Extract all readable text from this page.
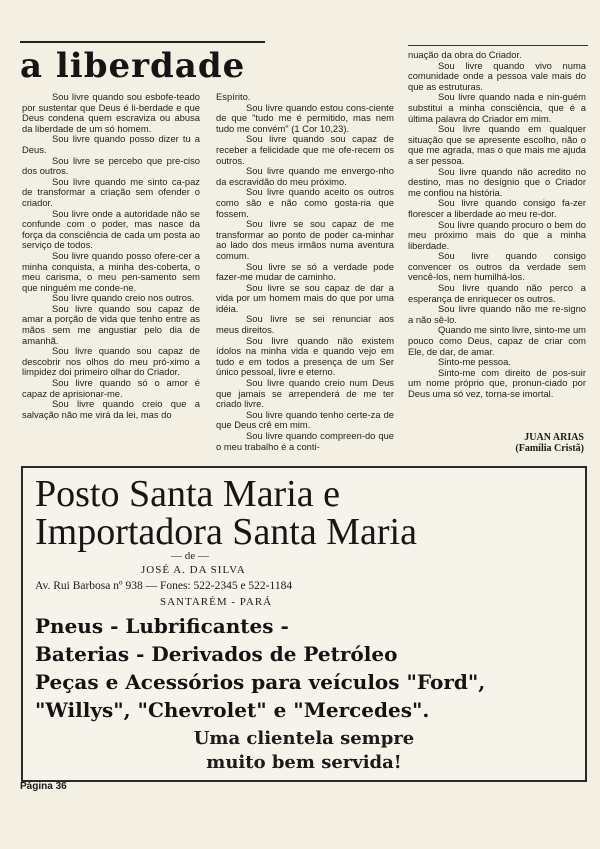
a liberdade

Sou livre quando sou esbofe-teado por sustentar que Deus é li-berdade e que Deus condena quem escraviza ou abusa da liberdade de um só homem.

Sou livre quando posso dizer tu a Deus.

Sou livre se percebo que pre-ciso dos outros.

Sou livre quando me sinto ca-paz de transformar a criação sem ofender o criador.

Sou livre onde a autoridade não se confunde com o poder, mas nasce da força da consciência de cada um posta ao serviço de todos.

Sou livre quando posso ofere-cer a minha conquista, a minha des-coberta, o meu carisma, o meu pen-samento sem que ninguém me conde-ne.

Sou livre quando creio nos outros.

Sou livre quando sou capaz de amar a porção de vida que tenho entre as mãos sem me angustiar pelo dia de amanhã.

Sou livre quando sou capaz de descobrir nos olhos do meu pró-ximo a limpidez doi primeiro olhar do Criador.

Sou livre quando só o amor é capaz de aprisionar-me.

Sou livre quando creio que a salvação não me virá da lei, mas do

Espírito.

Sou livre quando estou cons-ciente de que "tudo me é permitido, mas nem tudo me convém" (1 Cor 10,23).

Sou livre quando sou capaz de receber a felicidade que me ofe-recem os outros.

Sou livre quando me envergo-nho da escravidão do meu próximo.

Sou livre quando aceito os outros como são e não como gosta-ria que fossem.

Sou livre se sou capaz de me transformar ao ponto de poder ca-minhar ao lado dos meus irmãos numa aventura comum.

Sou livre se só a verdade pode fazer-me mudar de caminho.

Sou livre se sou capaz de dar a vida por um homem mais do que por uma idéia.

Sou livre se sei renunciar aos meus direitos.

Sou livre quando não existem ídolos na minha vida e quando vejo em tudo e em todos a presença de um Ser único pessoal, livre e eterno.

Sou livre quando creio num Deus que jamais se arrependerá de me ter criado livre.

Sou livre quando tenho certe-za de que Deus crê em mim.

Sou livre quando compreen-do que o meu trabalho é a conti-

nuação da obra do Criador.

Sou livre quando vivo numa comunidade onde a pessoa vale mais do que as estruturas.

Sou livre quando nada e nin-guém substitui a minha consciência, que é a última palavra do Criador em mim.

Sou livre quando em qualquer situação que se apresente escolho, não o que me agrada, mas o que mais me ajuda a ser pessoa.

Sou livre quando não acredito no destino, mas no desígnio que o Criador me confiou na história.

Sou livre quando consigo fa-zer florescer a liberdade ao meu re-dor.

Sou livre quando procuro o bem do meu próximo mais do que a minha liberdade.

Sou livre quando consigo convencer os outros da verdade sem vencê-los, nem humilhá-los.

Sou livre quando não perco a esperança de enriquecer os outros.

Sou livre quando não me re-signo a não sê-lo.

Quando me sinto livre, sinto-me um pouco como Deus, capaz de criar com Ele, de dar, de amar.

Sinto-me pessoa.

Sinto-me com direito de pos-suir um nome próprio que, pronun-ciado por Deus uma só vez, torna-se imortal.

JUAN ARIAS
(Família Cristã)
Posto Santa Maria e
Importadora Santa Maria
— de —
JOSÉ A. DA SILVA
Av. Rui Barbosa nº 938 — Fones: 522-2345 e 522-1184
SANTARÉM - PARÁ
Pneus - Lubrificantes -
Baterias - Derivados de Petróleo
Peças e Acessórios para veículos "Ford",
"Willys", "Chevrolet" e "Mercedes".
Uma clientela sempre
muito bem servida!
Página 36
